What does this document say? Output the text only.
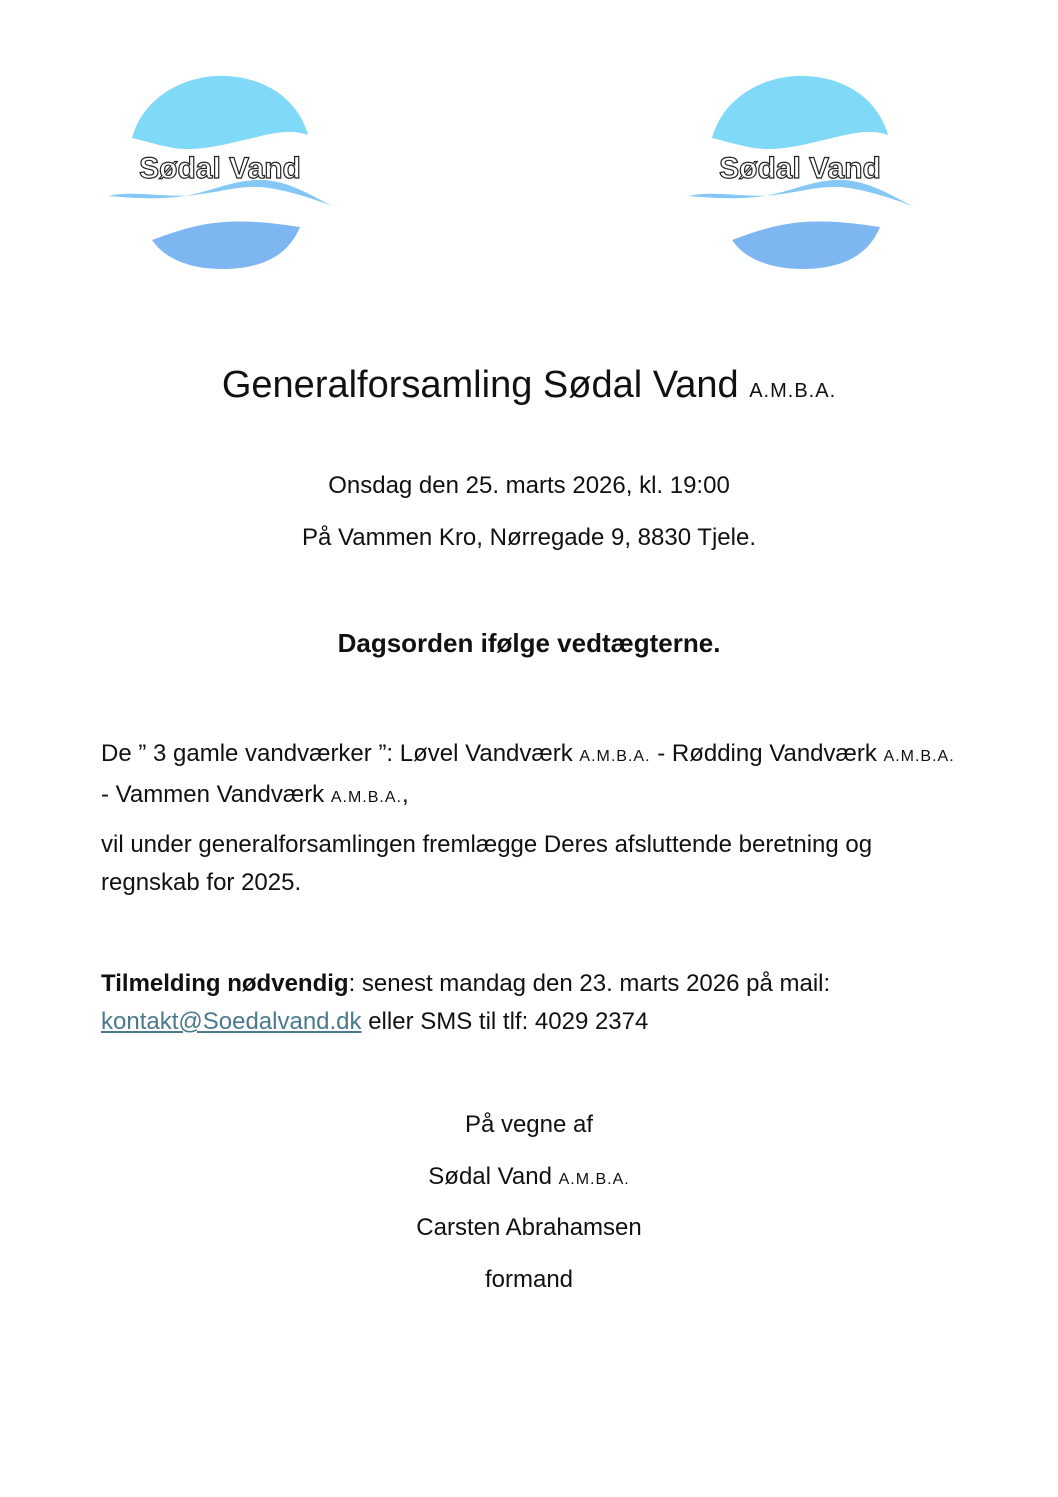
Sødal Vand	Sødal Vand
Generalforsamling Sødal Vand A.M.B.A.
Onsdag den 25. marts 2026, kl. 19:00
På Vammen Kro, Nørregade 9, 8830 Tjele.
Dagsorden ifølge vedtægterne.
De ” 3 gamle vandværker ”: Løvel Vandværk A.M.B.A. - Rødding Vandværk A.M.B.A. - Vammen Vandværk A.M.B.A.,
vil under generalforsamlingen fremlægge Deres afsluttende beretning og regnskab for 2025.
Tilmelding nødvendig: senest mandag den 23. marts 2026 på mail: kontakt@Soedalvand.dk eller SMS til tlf: 4029 2374
På vegne af
Sødal Vand A.M.B.A.
Carsten Abrahamsen
formand
